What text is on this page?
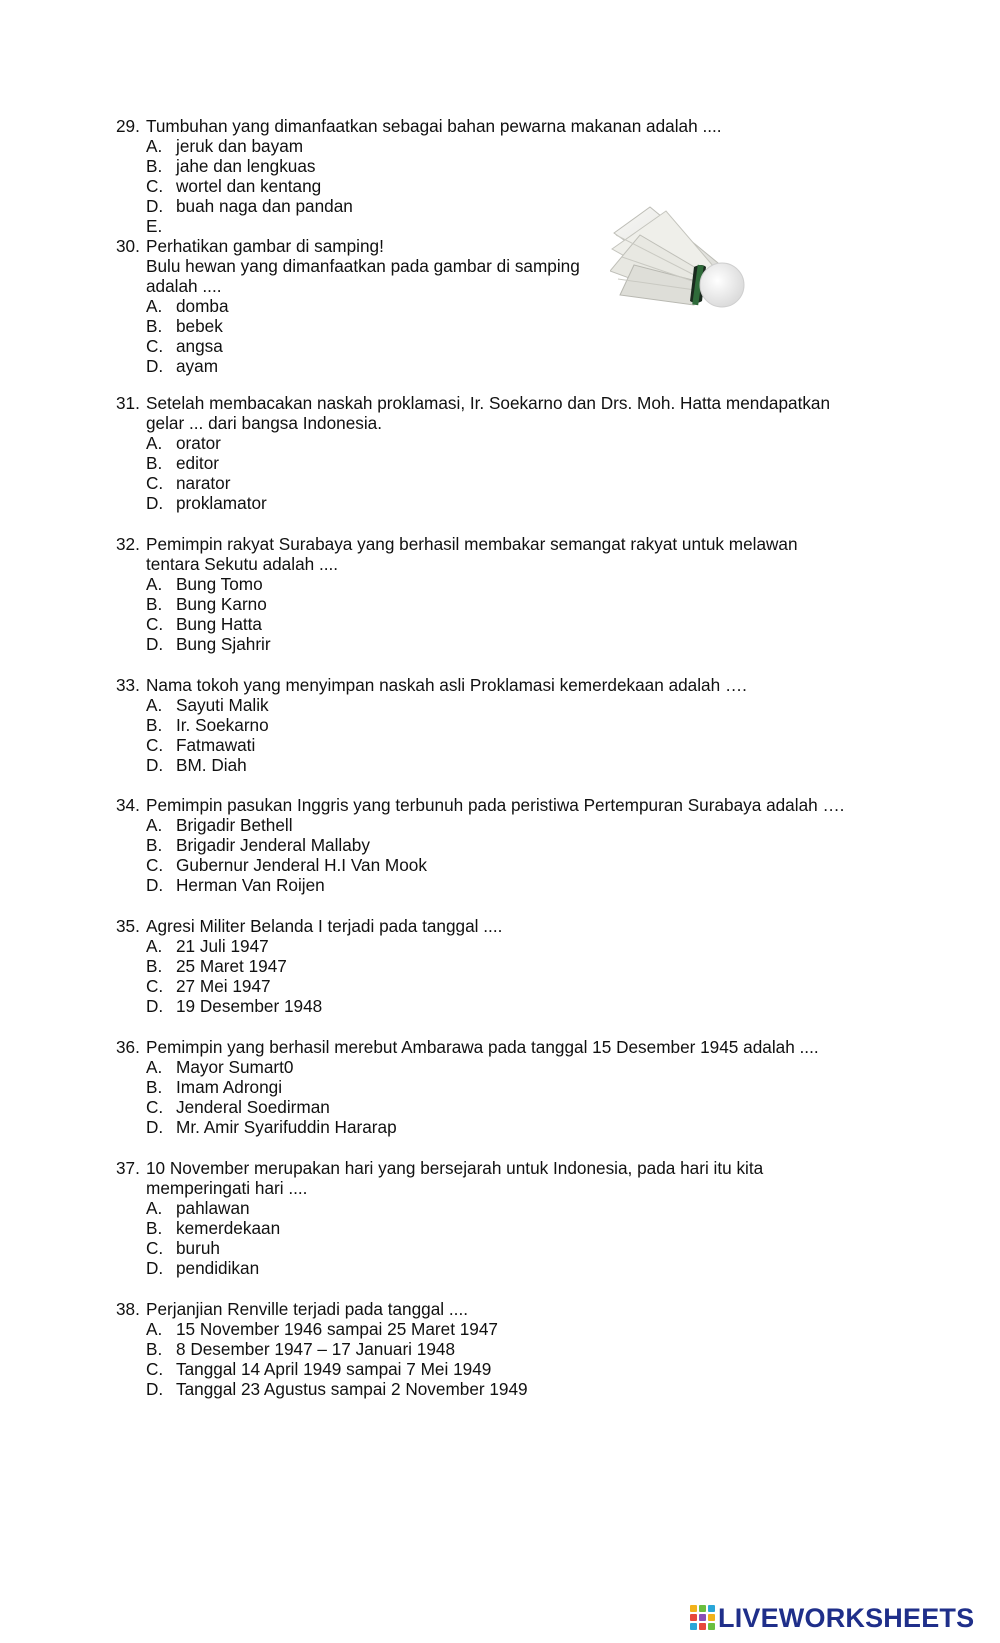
29. Tumbuhan yang dimanfaatkan sebagai bahan pewarna makanan adalah ....
A. jeruk dan bayam
B. jahe dan lengkuas
C. wortel dan kentang
D. buah naga dan pandan
E.
30. Perhatikan gambar di samping!
Bulu hewan yang dimanfaatkan pada gambar di samping
adalah ....
A. domba
B. bebek
C. angsa
D. ayam
31. Setelah membacakan naskah proklamasi, Ir. Soekarno dan Drs. Moh. Hatta mendapatkan
gelar ... dari bangsa Indonesia.
A. orator
B. editor
C. narator
D. proklamator
32. Pemimpin rakyat Surabaya yang berhasil membakar semangat rakyat untuk melawan
tentara Sekutu adalah ....
A. Bung Tomo
B. Bung Karno
C. Bung Hatta
D. Bung Sjahrir
33. Nama tokoh yang menyimpan naskah asli Proklamasi kemerdekaan adalah ….
A. Sayuti Malik
B. Ir. Soekarno
C. Fatmawati
D. BM. Diah
34. Pemimpin pasukan Inggris yang terbunuh pada peristiwa Pertempuran Surabaya adalah ….
A. Brigadir Bethell
B. Brigadir Jenderal Mallaby
C. Gubernur Jenderal H.I Van Mook
D. Herman Van Roijen
35. Agresi Militer Belanda I terjadi pada tanggal ....
A. 21 Juli 1947
B. 25 Maret 1947
C. 27 Mei 1947
D. 19 Desember 1948
36. Pemimpin yang berhasil merebut Ambarawa pada tanggal 15 Desember 1945 adalah ....
A. Mayor Sumart0
B. Imam Adrongi
C. Jenderal Soedirman
D. Mr. Amir Syarifuddin Hararap
37. 10 November merupakan hari yang bersejarah untuk Indonesia, pada hari itu kita
memperingati hari ....
A. pahlawan
B. kemerdekaan
C. buruh
D. pendidikan
38. Perjanjian Renville terjadi pada tanggal ....
A. 15 November 1946 sampai 25 Maret 1947
B. 8 Desember 1947 – 17 Januari 1948
C. Tanggal 14 April 1949 sampai 7 Mei 1949
D. Tanggal 23 Agustus sampai 2 November 1949
LIVEWORKSHEETS
